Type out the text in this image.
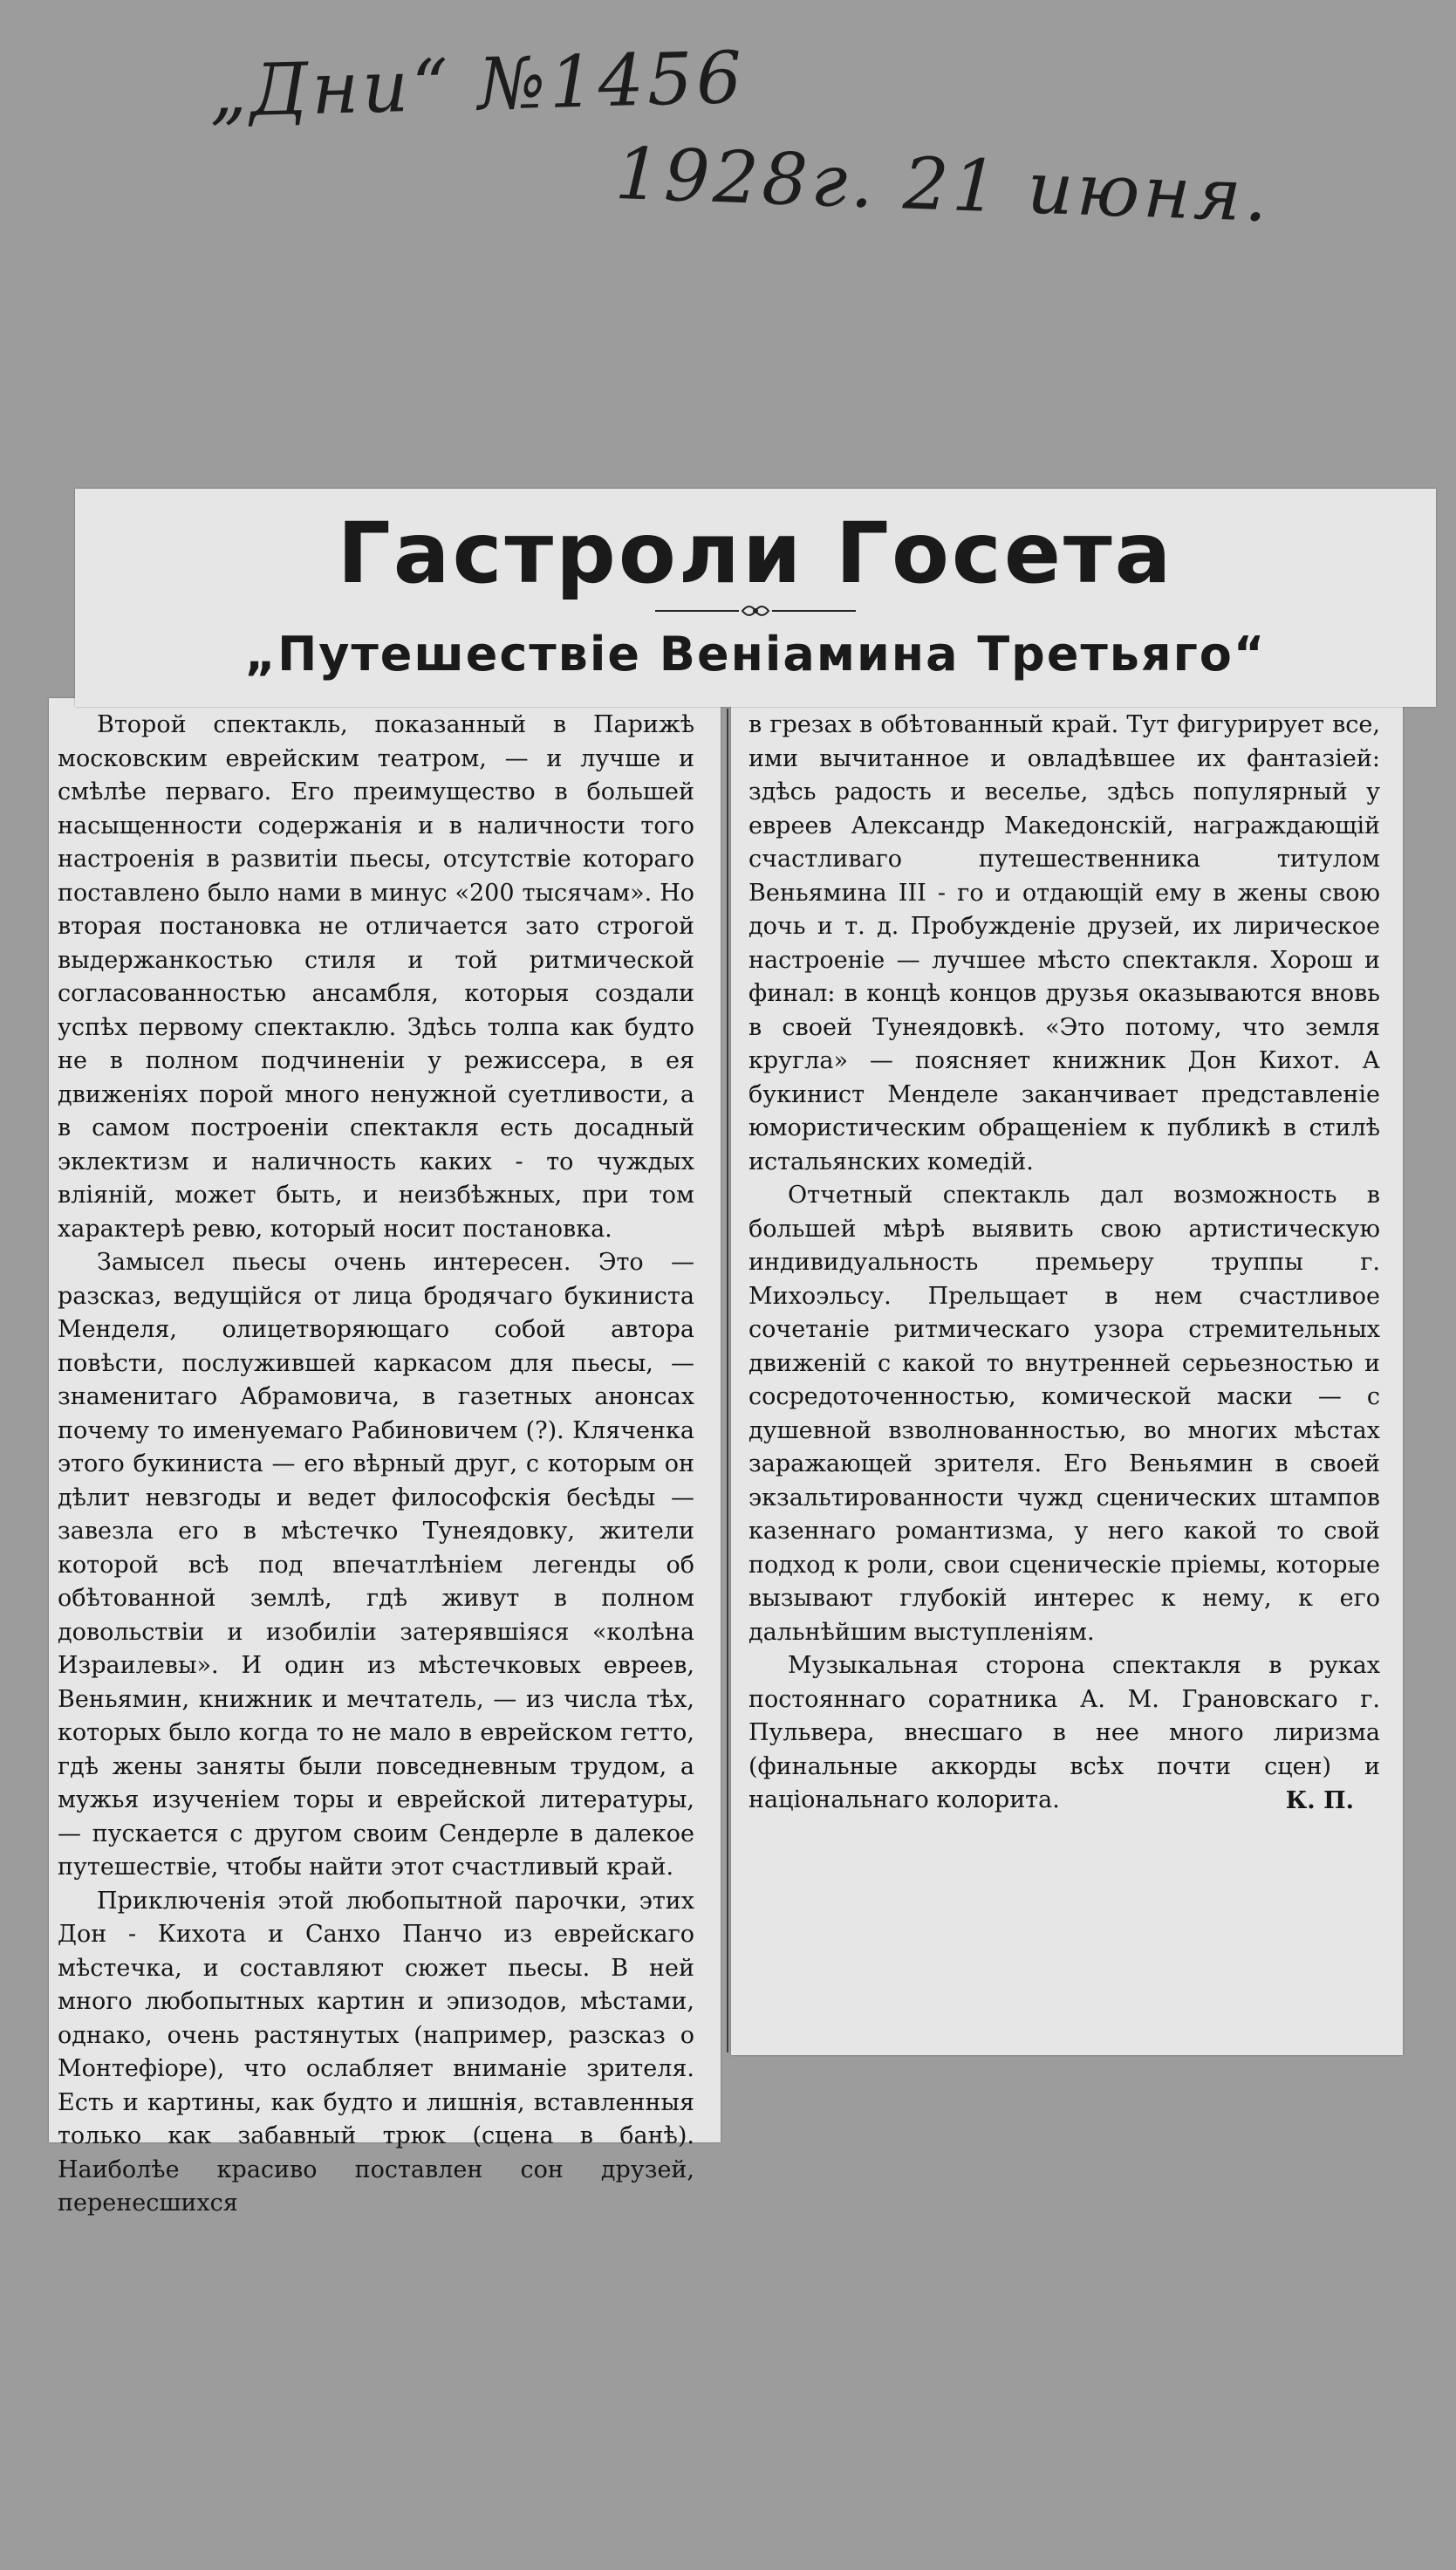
„Дни“ №1456
1928г. 21 июня.
Гастроли Госета
„Путешествіе Веніамина Третьяго“

Второй спектакль, показанный в Парижѣ московским еврейским театром, — и лучше и смѣлѣе перваго. Его преимущество в большей насыщенности содержанія и в наличности того настроенія в развитіи пьесы, отсутствіе котораго поставлено было нами в минус «200 тысячам». Но вторая постановка не отличается зато строгой выдержанкостью стиля и той ритмической согласованностью ансамбля, которыя создали успѣх первому спектаклю. Здѣсь толпа как будто не в полном подчиненіи у режиссера, в ея движеніях порой много ненужной суетливости, а в самом построеніи спектакля есть досадный эклектизм и наличность каких - то чуждых вліяній, может быть, и неизбѣжных, при том характерѣ ревю, который носит постановка.

Замысел пьесы очень интересен. Это — разсказ, ведущійся от лица бродячаго букиниста Менделя, олицетворяющаго собой автора повѣсти, послужившей каркасом для пьесы, — знаменитаго Абрамовича, в газетных анонсах почему то именуемаго Рабиновичем (?). Кляченка этого букиниста — его вѣрный друг, с которым он дѣлит невзгоды и ведет философскія бесѣды — завезла его в мѣстечко Тунеядовку, жители которой всѣ под впечатлѣніем легенды об обѣтованной землѣ, гдѣ живут в полном довольствіи и изобиліи затерявшіяся «колѣна Израилевы». И один из мѣстечковых евреев, Веньямин, книжник и мечтатель, — из числа тѣх, которых было когда то не мало в еврейском гетто, гдѣ жены заняты были повседневным трудом, а мужья изученіем торы и еврейской литературы, — пускается с другом своим Сендерле в далекое путешествіе, чтобы найти этот счастливый край.

Приключенія этой любопытной парочки, этих Дон - Кихота и Санхо Панчо из еврейскаго мѣстечка, и составляют сюжет пьесы. В ней много любопытных картин и эпизодов, мѣстами, однако, очень растянутых (например, разсказ о Монтефіоре), что ослабляет вниманіе зрителя. Есть и картины, как будто и лишнія, вставленныя только как забавный трюк (сцена в банѣ). Наиболѣе красиво поставлен сон друзей, перенесшихся

в грезах в обѣтованный край. Тут фигурирует все, ими вычитанное и овладѣвшее их фантазіей: здѣсь радость и веселье, здѣсь популярный у евреев Александр Македонскій, награждающій счастливаго путешественника титулом Веньямина III - го и отдающій ему в жены свою дочь и т. д. Пробужденіе друзей, их лирическое настроеніе — лучшее мѣсто спектакля. Хорош и финал: в концѣ концов друзья оказываются вновь в своей Тунеядовкѣ. «Это потому, что земля кругла» — поясняет книжник Дон Кихот. А букинист Менделе заканчивает представленіе юмористическим обращеніем к публикѣ в стилѣ истальянских комедій.

Отчетный спектакль дал возможность в большей мѣрѣ выявить свою артистическую индивидуальность премьеру труппы г. Михоэльсу. Прельщает в нем счастливое сочетаніе ритмическаго узора стремительных движеній с какой то внутренней серьезностью и сосредоточенностью, комической маски — с душевной взволнованностью, во многих мѣстах заражающей зрителя. Его Веньямин в своей экзальтированности чужд сценических штампов казеннаго романтизма, у него какой то свой подход к роли, свои сценическіе пріемы, которые вызывают глубокій интерес к нему, к его дальнѣйшим выступленіям.

Музыкальная сторона спектакля в руках постояннаго соратника А. М. Грановскаго г. Пульвера, внесшаго в нее много лиризма (финальные аккорды всѣх почти сцен) и національнаго колорита.	К. П.
